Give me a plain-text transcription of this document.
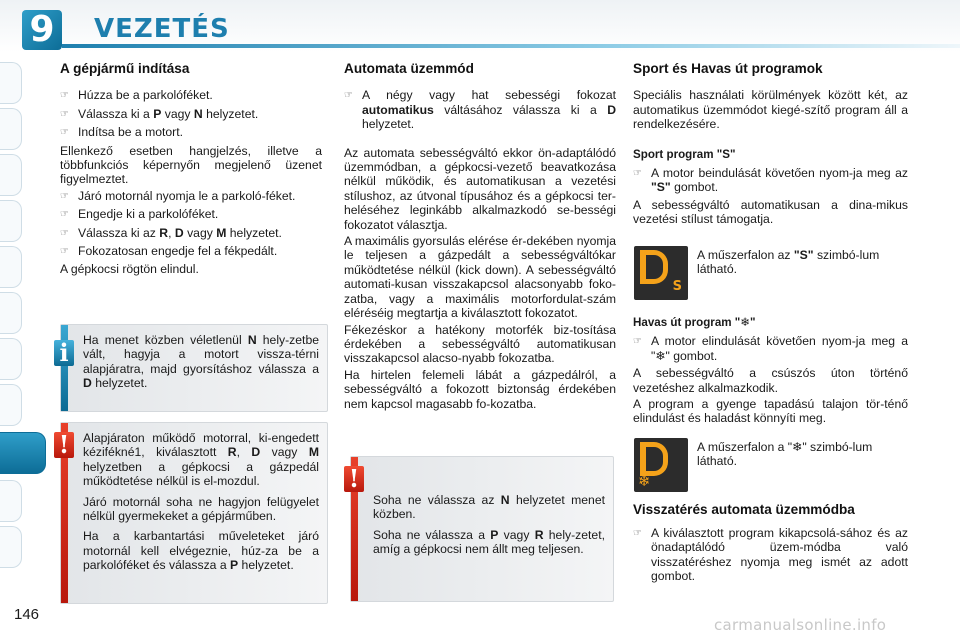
9 VEZETÉS
A gépjármű indítása
☞ Húzza be a parkolóféket.
☞ Válassza ki a P vagy N helyzetet.
☞ Indítsa be a motort.

Ellenkező esetben hangjelzés, illetve a többfunkciós képernyőn megjelenő üzenet figyelmeztet.

☞ Járó motornál nyomja le a parkoló-féket.
☞ Engedje ki a parkolóféket.
☞ Válassza ki az R, D vagy M helyzetet.
☞ Fokozatosan engedje fel a fékpedált.

A gépkocsi rögtön elindul.

Ha menet közben véletlenül N hely-zetbe vált, hagyja a motort vissza-térni alapjáratra, majd gyorsításhoz válassza a D helyzetet.

i

Alapjáraton működő motorral, ki-engedett kézifékné1, kiválasztott R, D vagy M helyzetben a gépkocsi a gázpedál működtetése nélkül is el-mozdul.

Járó motornál soha ne hagyjon felügyelet nélkül gyermekeket a gépjárműben.

Ha a karbantartási műveleteket járó motornál kell elvégeznie, húz-za be a parkolóféket és válassza a P helyzetet.

!
Automata üzemmód
☞ A négy vagy hat sebességi fokozat automatikus váltásához válassza ki a D helyzetet.

Az automata sebességváltó ekkor ön-adaptálódó üzemmódban, a gépkocsi-vezető beavatkozása nélkül működik, és automatikusan a vezetési stílushoz, az útvonal típusához és a gépkocsi ter-heléséhez leginkább alkalmazkodó se-bességi fokozatot választja.

A maximális gyorsulás elérése ér-dekében nyomja le teljesen a gázpedált a sebességváltókar működtetése nélkül (kick down). A sebességváltó automati-kusan visszakapcsol alacsonyabb foko-zatba, vagy a maximális motorfordulat-szám eléréséig megtartja a kiválasztott fokozatot.

Fékezéskor a hatékony motorfék biz-tosítása érdekében a sebességváltó automatikusan visszakapcsol alacso-nyabb fokozatba.

Ha hirtelen felemeli lábát a gázpedálról, a sebességváltó a fokozott biztonság érdekében nem kapcsol magasabb fo-kozatba.

Soha ne válassza az N helyzetet menet közben.

Soha ne válassza a P vagy R hely-zetet, amíg a gépkocsi nem állt meg teljesen.

!
Sport és Havas út programok

Speciális használati körülmények között két, az automatikus üzemmódot kiegé-szítő program áll a rendelkezésére.

Sport program "S"
☞ A motor beindulását követően nyom-ja meg az "S" gombot.

A sebességváltó automatikusan a dina-mikus vezetési stílust támogatja.

S
A műszerfalon az "S" szimbó-lum látható.
Havas út program "❄"
☞ A motor elindulását követően nyom-ja meg a "❄" gombot.

A sebességváltó a csúszós úton történő vezetéshez alkalmazkodik.

A program a gyenge tapadású talajon tör-ténő elindulást és haladást könnyíti meg.

❄
A műszerfalon a "❄" szimbó-lum látható.
Visszatérés automata üzemmódba
☞ A kiválasztott program kikapcsolá-sához és az önadaptálódó üzem-módba való visszatéréshez nyomja meg ismét az adott gombot.
146
carmanualsonline.info
